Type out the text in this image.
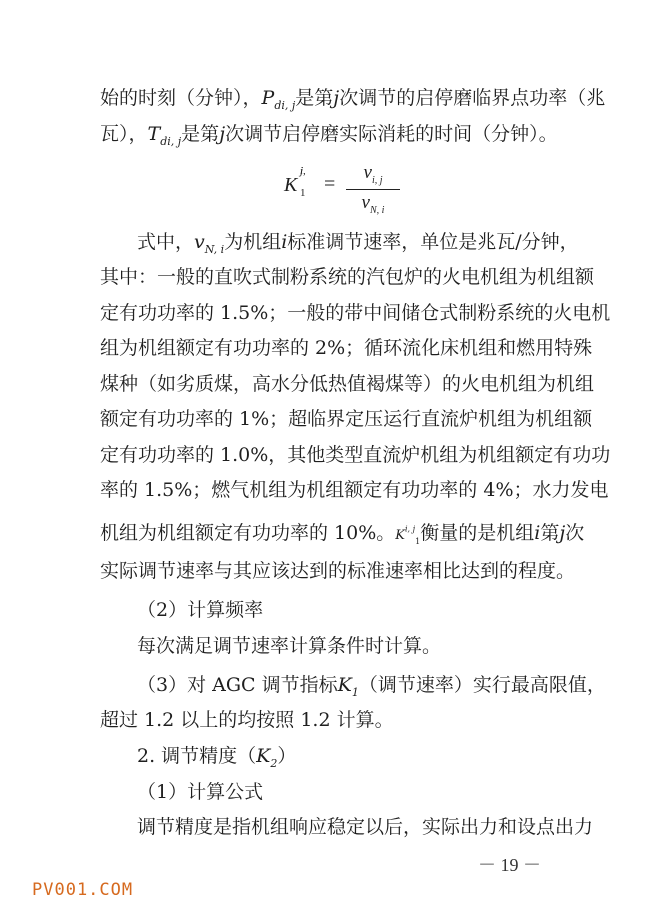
始的时刻（分钟），$P_{di, j}$是第j次调节的启停磨临界点功率（兆
瓦），$T_{di, j}$是第j次调节启停磨实际消耗的时间（分钟）。
K
i, j
1 =
$v_{i, j}$
$v_{N, i}$
式中，$v_{N, i}$为机组i标准调节速率，单位是兆瓦/分钟，
其中：一般的直吹式制粉系统的汽包炉的火电机组为机组额
定有功功率的 1.5%；一般的带中间储仓式制粉系统的火电机
组为机组额定有功功率的 2%；循环流化床机组和燃用特殊
煤种（如劣质煤，高水分低热值褐煤等）的火电机组为机组
额定有功功率的 1%；超临界定压运行直流炉机组为机组额
定有功功率的 1.0%，其他类型直流炉机组为机组额定有功功
率的 1.5%；燃气机组为机组额定有功功率的 4%；水力发电
机组为机组额定有功功率的 10%。K$^{i, j}_1$衡量的是机组i第j次
实际调节速率与其应该达到的标准速率相比达到的程度。
（2）计算频率
每次满足调节速率计算条件时计算。
（3）对 AGC 调节指标$K_1$（调节速率）实行最高限值，
超过 1.2 以上的均按照 1.2 计算。
2. 调节精度$(K_2)$
（1）计算公式
调节精度是指机组响应稳定以后，实际出力和设点出力
－ 19 －
PV001.COM
